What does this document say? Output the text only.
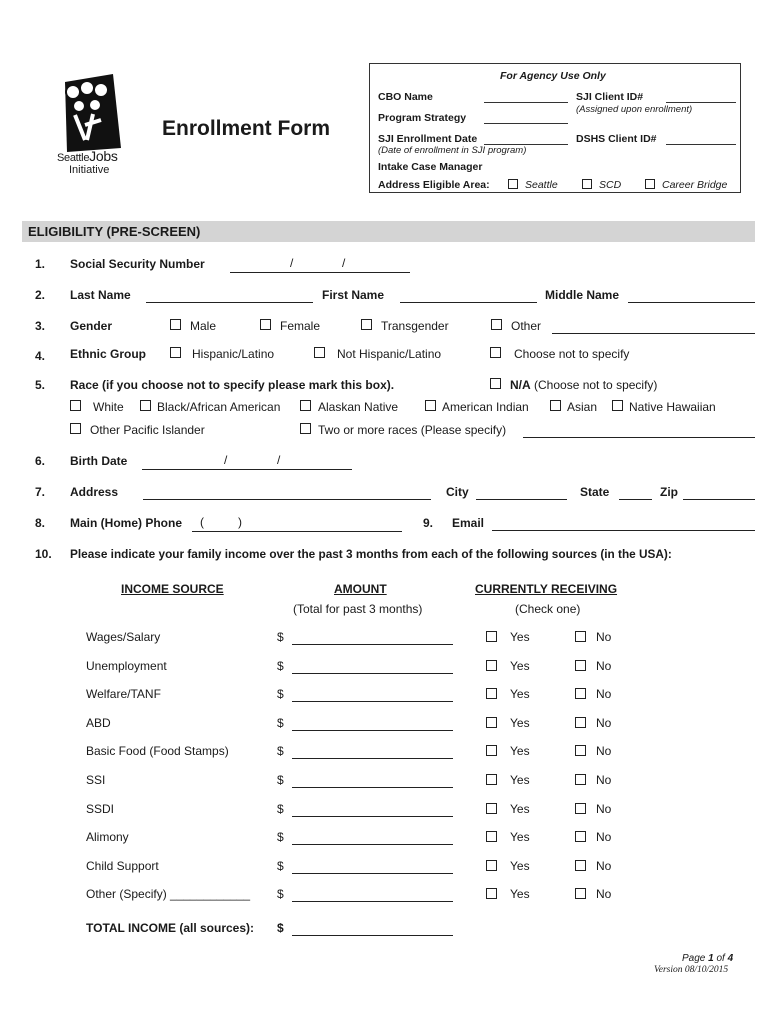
SeattleJobs
Initiative
Enrollment Form
For Agency Use Only
CBO Name
Program Strategy
SJI Enrollment Date
(Date of enrollment in SJI program)
Intake Case Manager
Address Eligible Area:	Seattle	SCD	Career Bridge
SJI Client ID#
(Assigned upon enrollment)
DSHS Client ID#
ELIGIBILITY (PRE-SCREEN)
1. Social Security Number	/	/
2. Last Name	First Name	Middle Name
3. Gender	Male	Female	Transgender	Other
4. Ethnic Group	Hispanic/Latino	Not Hispanic/Latino	Choose not to specify
5. Race (if you choose not to specify please mark this box).	N/A (Choose not to specify)
White	Black/African American	Alaskan Native	American Indian	Asian	Native Hawaiian
Other Pacific Islander	Two or more races (Please specify)
6. Birth Date	/	/
7. Address	City	State	Zip
8. Main (Home) Phone (	)	9. Email
10. Please indicate your family income over the past 3 months from each of the following sources (in the USA):
INCOME SOURCE	AMOUNT
(Total for past 3 months)
CURRENTLY RECEIVING
(Check one)
Wages/Salary	$	Yes	No
Unemployment	$	Yes	No
Welfare/TANF	$	Yes	No
ABD	$	Yes	No
Basic Food (Food Stamps)	$	Yes	No
SSI	$	Yes	No
SSDI	$	Yes	No
Alimony	$	Yes	No
Child Support	$	Yes	No
Other (Specify) ____________ $	Yes	No
TOTAL INCOME (all sources): $
Page 1 of 4
Version 08/10/2015
